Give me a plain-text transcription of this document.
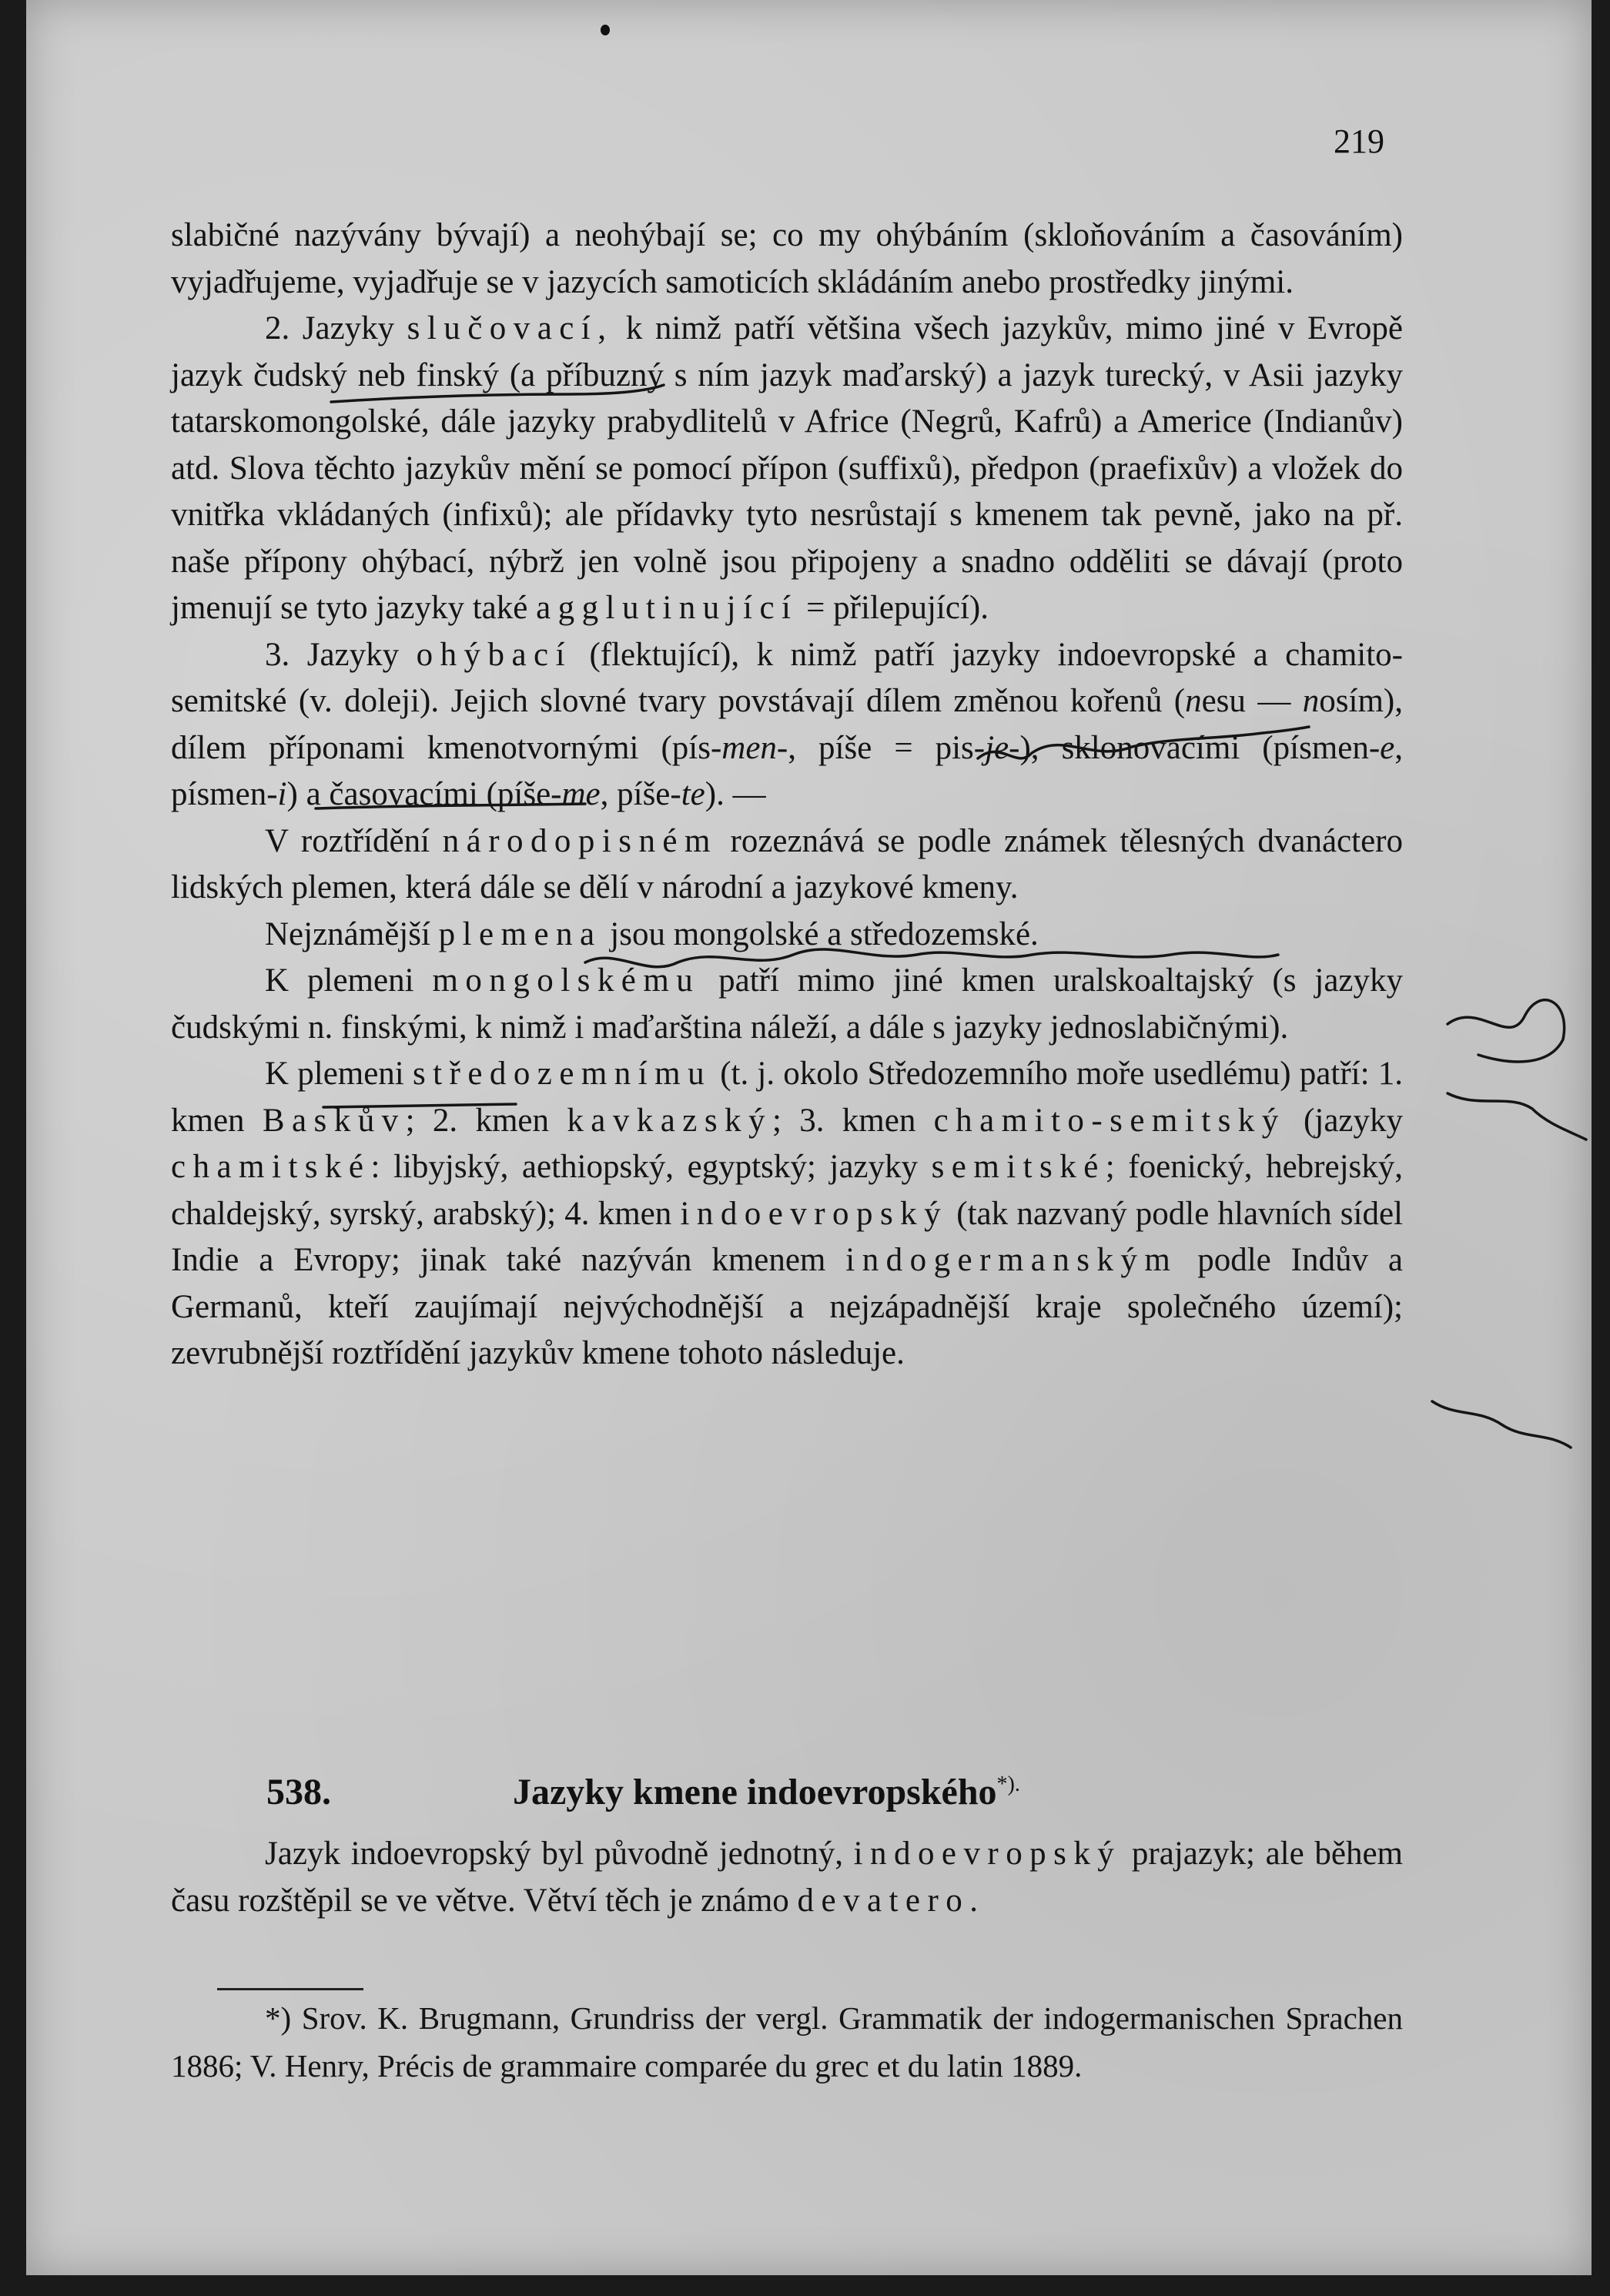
219

slabičné nazývány bývají) a neohýbají se; co my ohýbáním (skloňováním a časováním) vyjadřujeme, vyjadřuje se v jazycích samoticích skládáním anebo prostředky jinými.

2. Jazyky slučovací, k nimž patří většina všech jazykův, mimo jiné v Evropě jazyk čudský neb finský (a příbuzný s ním jazyk maďarský) a jazyk turecký, v Asii jazyky tatarskomongolské, dále jazyky prabydlitelů v Africe (Negrů, Kafrů) a Americe (Indianův) atd. Slova těchto jazykův mění se pomocí přípon (suffixů), předpon (praefixův) a vložek do vnitřka vkládaných (infixů); ale přídavky tyto nesrůstají s kmenem tak pevně, jako na př. naše přípony ohýbací, nýbrž jen volně jsou připojeny a snadno odděliti se dávají (proto jmenují se tyto jazyky také agglutinující = přilepující).

3. Jazyky ohýbací (flektující), k nimž patří jazyky indoevropské a chamito-semitské (v. doleji). Jejich slovné tvary povstávají dílem změnou kořenů (nesu — nosím), dílem příponami kmenotvornými (pís-men-, píše = pis-je-), sklonovacími (písmen-e, písmen-i) a časovacími (píše-me, píše-te). —

V roztřídění národopisném rozeznává se podle známek tělesných dvanáctero lidských plemen, která dále se dělí v národní a jazykové kmeny.

Nejznámější plemena jsou mongolské a středozemské.

K plemeni mongolskému patří mimo jiné kmen uralskoaltajský (s jazyky čudskými n. finskými, k nimž i maďarština náleží, a dále s jazyky jednoslabičnými).

K plemeni středozemnímu (t. j. okolo Středozemního moře usedlému) patří: 1. kmen Baskův; 2. kmen kavkazský; 3. kmen chamito-semitský (jazyky chamitské: libyjský, aethiopský, egyptský; jazyky semitské; foenický, hebrejský, chaldejský, syrský, arabský); 4. kmen indoevropský (tak nazvaný podle hlavních sídel Indie a Evropy; jinak také nazýván kmenem indogermanským podle Indův a Germanů, kteří zaujímají nejvýchodnější a nejzápadnější kraje společného území); zevrubnější roztřídění jazykův kmene tohoto následuje.

538.	Jazyky kmene indoevropského*).

Jazyk indoevropský byl původně jednotný, indoevropský prajazyk; ale během času rozštěpil se ve větve. Větví těch je známo devatero.

*) Srov. K. Brugmann, Grundriss der vergl. Grammatik der indogermanischen Sprachen 1886; V. Henry, Précis de grammaire comparée du grec et du latin 1889.
